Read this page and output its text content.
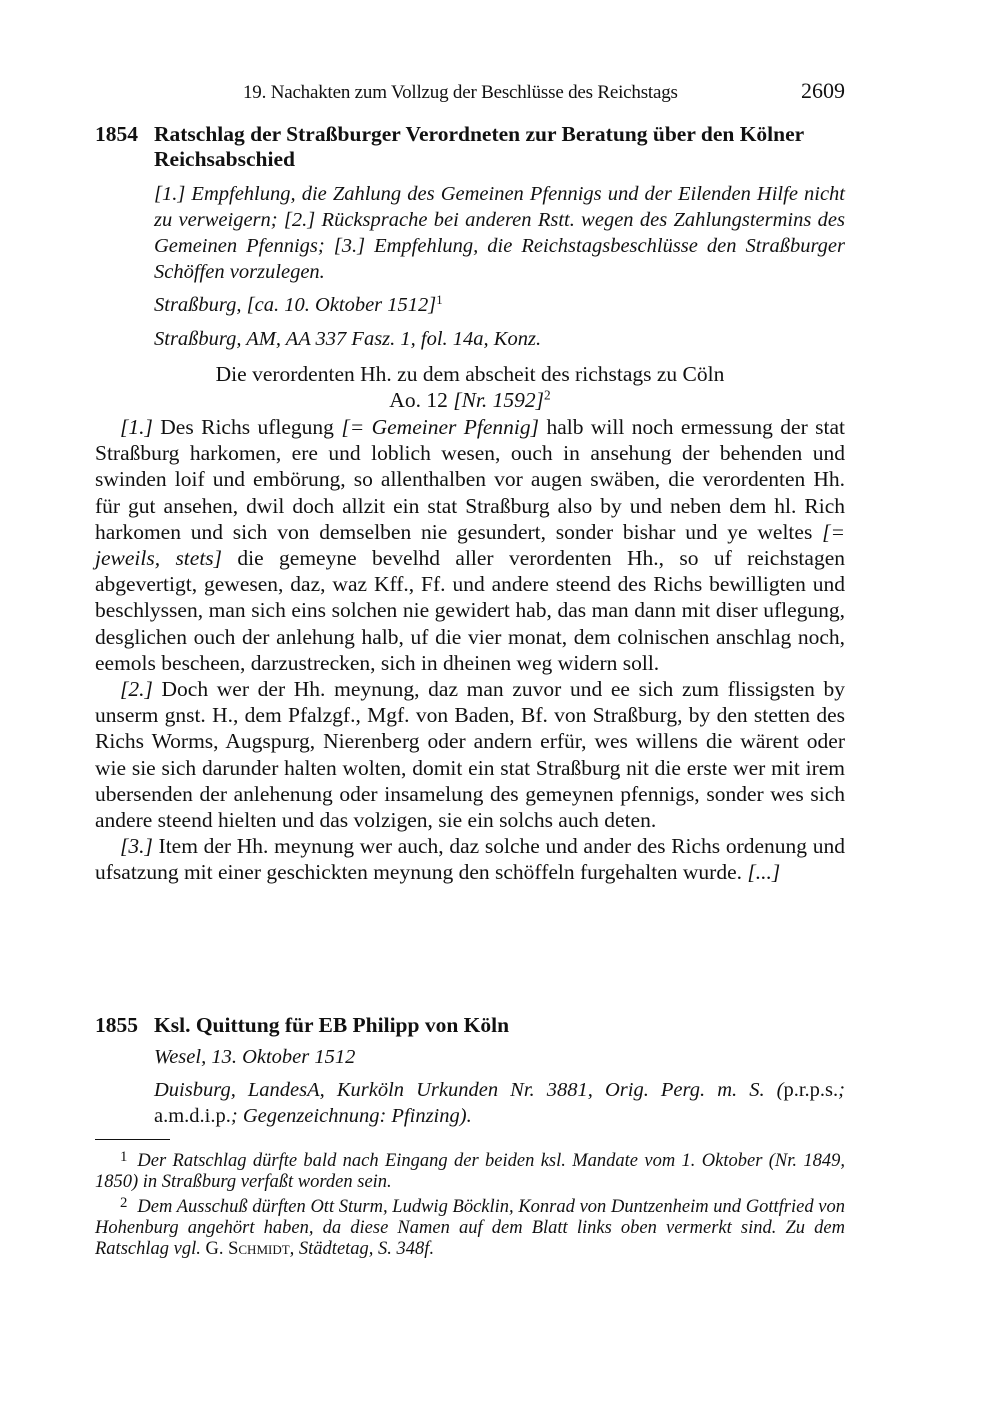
19. Nachakten zum Vollzug der Beschlüsse des Reichstags	2609
1854 Ratschlag der Straßburger Verordneten zur Beratung über den Kölner
Reichsabschied
[1.] Empfehlung, die Zahlung des Gemeinen Pfennigs und der Eilenden Hilfe nicht zu verweigern; [2.] Rücksprache bei anderen Rstt. wegen des Zahlungstermins des Gemeinen Pfennigs; [3.] Empfehlung, die Reichstagsbeschlüsse den Straßburger Schöffen vorzulegen.
Straßburg, [ca. 10. Oktober 1512]$^1$
Straßburg, AM, AA 337 Fasz. 1, fol. 14a, Konz.
Die verordenten Hh. zu dem abscheit des richstags zu Cöln
Ao. 12 [Nr. 1592]$^2$

[1.] Des Richs uflegung [= Gemeiner Pfennig] halb will noch ermessung der stat Straßburg harkomen, ere und loblich wesen, ouch in ansehung der behenden und swinden loif und embörung, so allenthalben vor augen swäben, die verordenten Hh. für gut ansehen, dwil doch allzit ein stat Straßburg also by und neben dem hl. Rich harkomen und sich von demselben nie gesundert, sonder bishar und ye weltes [= jeweils, stets] die gemeyne bevelhd aller verordenten Hh., so uf reichstagen abgevertigt, gewesen, daz, waz Kff., Ff. und andere steend des Richs bewilligten und beschlyssen, man sich eins solchen nie gewidert hab, das man dann mit diser uflegung, desglichen ouch der anlehung halb, uf die vier monat, dem colnischen anschlag noch, eemols bescheen, darzustrecken, sich in dheinen weg widern soll.

[2.] Doch wer der Hh. meynung, daz man zuvor und ee sich zum flissigsten by unserm gnst. H., dem Pfalzgf., Mgf. von Baden, Bf. von Straßburg, by den stetten des Richs Worms, Augspurg, Nierenberg oder andern erfür, wes willens die wärent oder wie sie sich darunder halten wolten, domit ein stat Straßburg nit die erste wer mit irem ubersenden der anlehenung oder insamelung des gemeynen pfennigs, sonder wes sich andere steend hielten und das volzigen, sie ein solchs auch deten.

[3.] Item der Hh. meynung wer auch, daz solche und ander des Richs ordenung und ufsatzung mit einer geschickten meynung den schöffeln furgehalten wurde. [...]

1855 Ksl. Quittung für EB Philipp von Köln
Wesel, 13. Oktober 1512
Duisburg, LandesA, Kurköln Urkunden Nr. 3881, Orig. Perg. m. S. (p.r.p.s.; a.m.d.i.p.; Gegenzeichnung: Pfinzing).

$^1$ Der Ratschlag dürfte bald nach Eingang der beiden ksl. Mandate vom 1. Oktober (Nr. 1849, 1850) in Straßburg verfaßt worden sein.

$^2$ Dem Ausschuß dürften Ott Sturm, Ludwig Böcklin, Konrad von Duntzenheim und Gottfried von Hohenburg angehört haben, da diese Namen auf dem Blatt links oben vermerkt sind. Zu dem Ratschlag vgl. G. Schmidt, Städtetag, S. 348f.
